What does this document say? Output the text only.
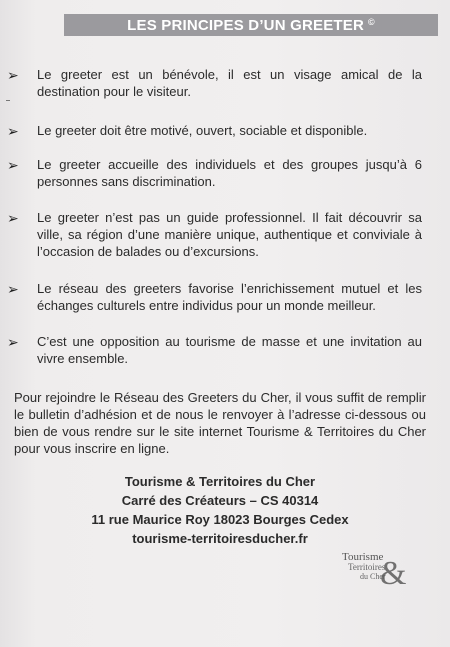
LES PRINCIPES D’UN GREETER ©
➢	Le greeter est un bénévole, il est un visage amical de la destination pour le visiteur.
➢	Le greeter doit être motivé, ouvert, sociable et disponible.
➢	Le greeter accueille des individuels et des groupes jusqu’à 6 personnes sans discrimination.
➢	Le greeter n’est pas un guide professionnel. Il fait découvrir sa ville, sa région d’une manière unique, authentique et conviviale à l’occasion de balades ou d’excursions.
➢	Le réseau des greeters favorise l’enrichissement mutuel et les échanges culturels entre individus pour un monde meilleur.
➢	C’est une opposition au tourisme de masse et une invitation au vivre ensemble.
Pour rejoindre le Réseau des Greeters du Cher, il vous suffit de remplir le bulletin d’adhésion et de nous le renvoyer à l’adresse ci-dessous ou bien de vous rendre sur le site internet Tourisme & Territoires du Cher pour vous inscrire en ligne.
Tourisme & Territoires du Cher
Carré des Créateurs – CS 40314
11 rue Maurice Roy 18023 Bourges Cedex
tourisme-territoiresducher.fr
Tourisme
Territoires
du Cher
&
